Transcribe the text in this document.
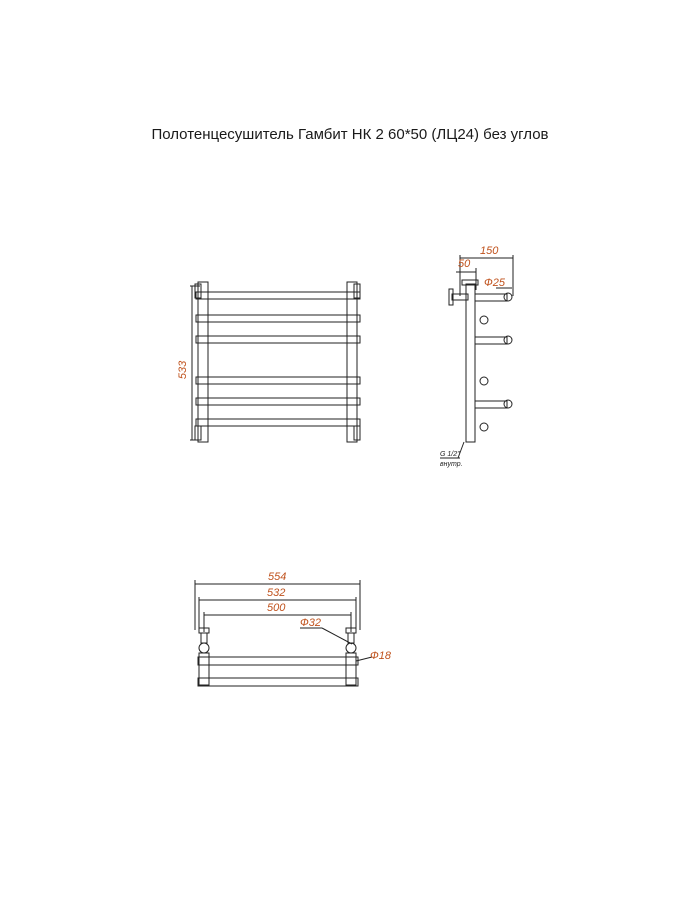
Полотенцесушитель Гамбит НК 2 60*50 (ЛЦ24) без углов
533
150
50
Ф25
G 1/2"
внутр.
554
532
500
Ф32
Ф18
